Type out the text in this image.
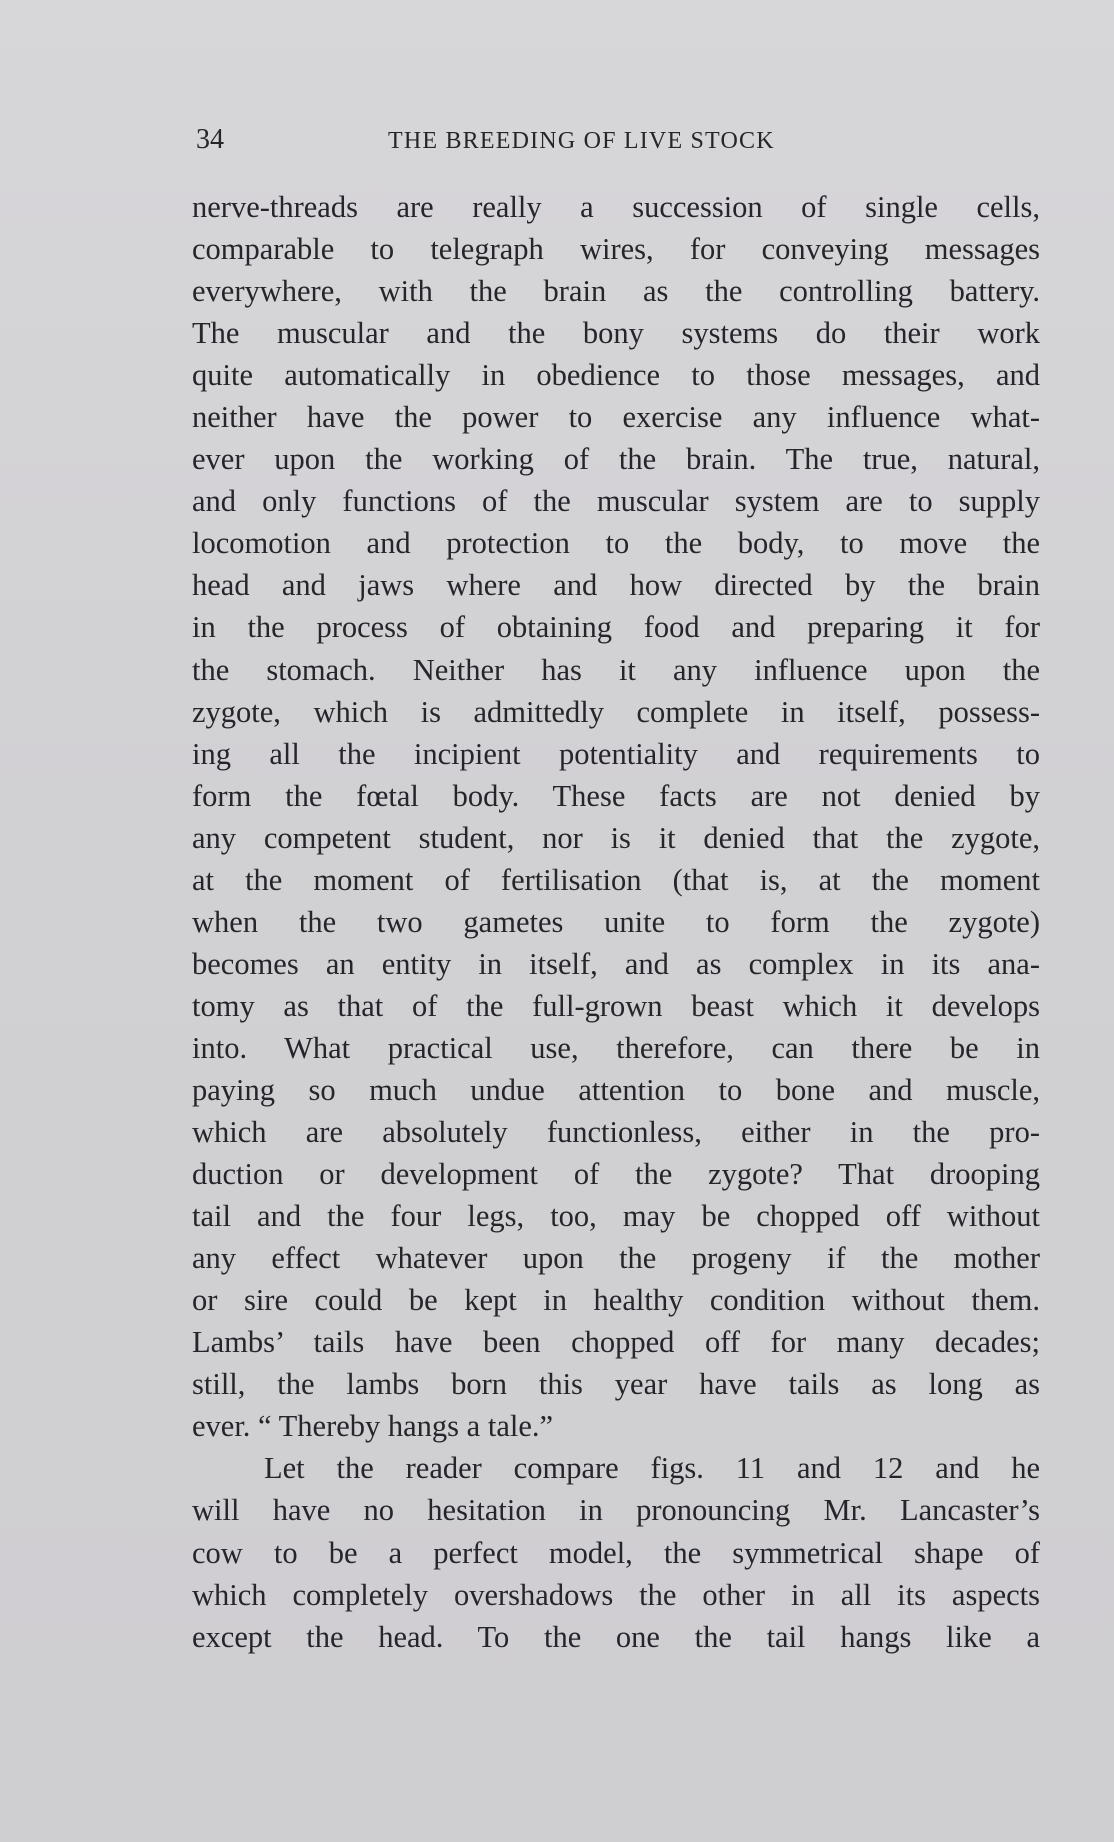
34	THE BREEDING OF LIVE STOCK
nerve-threads are really a succession of single cells,
comparable to telegraph wires, for conveying messages
everywhere, with the brain as the controlling battery.
The muscular and the bony systems do their work
quite automatically in obedience to those messages, and
neither have the power to exercise any influence what-
ever upon the working of the brain. The true, natural,
and only functions of the muscular system are to supply
locomotion and protection to the body, to move the
head and jaws where and how directed by the brain
in the process of obtaining food and preparing it for
the stomach. Neither has it any influence upon the
zygote, which is admittedly complete in itself, possess-
ing all the incipient potentiality and requirements to
form the fœtal body. These facts are not denied by
any competent student, nor is it denied that the zygote,
at the moment of fertilisation (that is, at the moment
when the two gametes unite to form the zygote)
becomes an entity in itself, and as complex in its ana-
tomy as that of the full-grown beast which it develops
into. What practical use, therefore, can there be in
paying so much undue attention to bone and muscle,
which are absolutely functionless, either in the pro-
duction or development of the zygote? That drooping
tail and the four legs, too, may be chopped off without
any effect whatever upon the progeny if the mother
or sire could be kept in healthy condition without them.
Lambs’ tails have been chopped off for many decades;
still, the lambs born this year have tails as long as
ever. “ Thereby hangs a tale.”
Let the reader compare figs. 11 and 12 and he
will have no hesitation in pronouncing Mr. Lancaster’s
cow to be a perfect model, the symmetrical shape of
which completely overshadows the other in all its aspects
except the head. To the one the tail hangs like a
